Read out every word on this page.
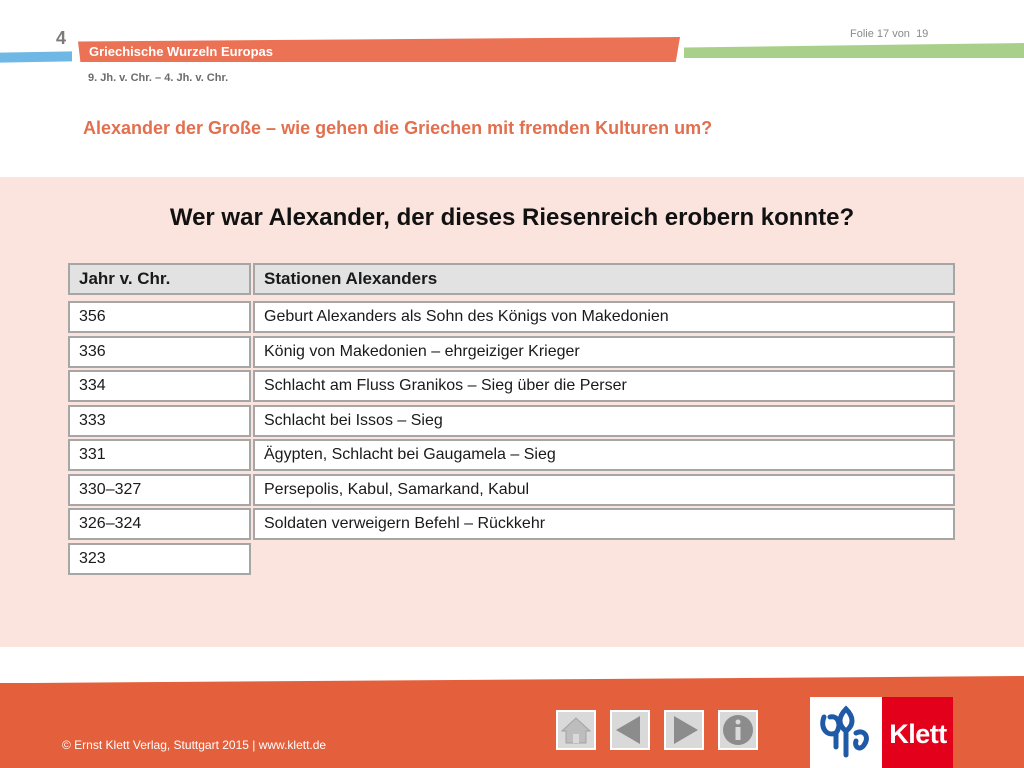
4
Griechische Wurzeln Europas
Folie 17 von 19
9. Jh. v. Chr. – 4. Jh. v. Chr.
Alexander der Große – wie gehen die Griechen mit fremden Kulturen um?
Wer war Alexander, der dieses Riesenreich erobern konnte?
Jahr v. Chr.	Stationen Alexanders
356	Geburt Alexanders als Sohn des Königs von Makedonien
336	König von Makedonien – ehrgeiziger Krieger
334	Schlacht am Fluss Granikos – Sieg über die Perser
333	Schlacht bei Issos – Sieg
331	Ägypten, Schlacht bei Gaugamela – Sieg
330–327	Persepolis, Kabul, Samarkand, Kabul
326–324	Soldaten verweigern Befehl – Rückkehr
323
© Ernst Klett Verlag, Stuttgart 2015 | www.klett.de	Klett
